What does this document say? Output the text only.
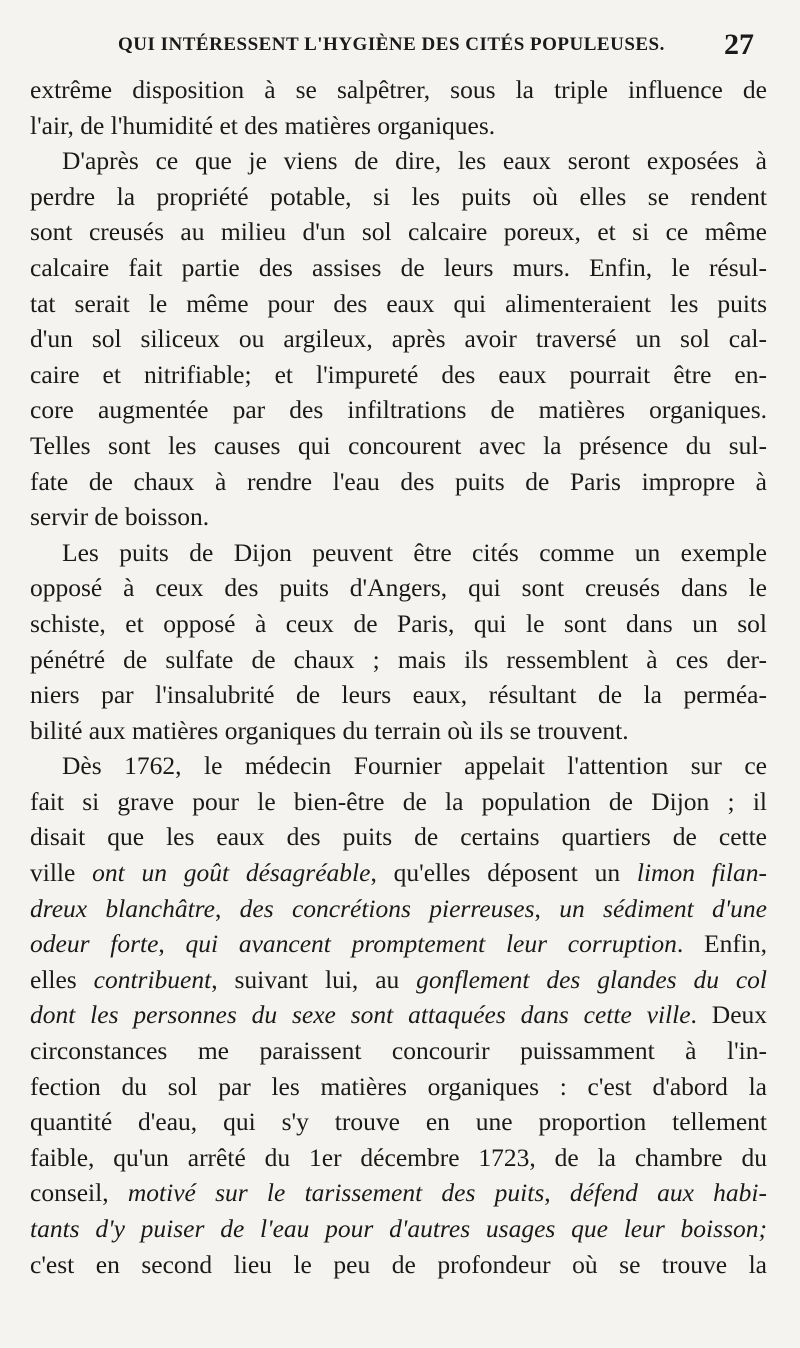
QUI INTÉRESSENT L'HYGIÈNE DES CITÉS POPULEUSES. 27
extrême disposition à se salpêtrer, sous la triple influence de
l'air, de l'humidité et des matières organiques.
D'après ce que je viens de dire, les eaux seront exposées à
perdre la propriété potable, si les puits où elles se rendent
sont creusés au milieu d'un sol calcaire poreux, et si ce même
calcaire fait partie des assises de leurs murs. Enfin, le résul-
tat serait le même pour des eaux qui alimenteraient les puits
d'un sol siliceux ou argileux, après avoir traversé un sol cal-
caire et nitrifiable; et l'impureté des eaux pourrait être en-
core augmentée par des infiltrations de matières organiques.
Telles sont les causes qui concourent avec la présence du sul-
fate de chaux à rendre l'eau des puits de Paris impropre à
servir de boisson.
Les puits de Dijon peuvent être cités comme un exemple
opposé à ceux des puits d'Angers, qui sont creusés dans le
schiste, et opposé à ceux de Paris, qui le sont dans un sol
pénétré de sulfate de chaux ; mais ils ressemblent à ces der-
niers par l'insalubrité de leurs eaux, résultant de la perméa-
bilité aux matières organiques du terrain où ils se trouvent.
Dès 1762, le médecin Fournier appelait l'attention sur ce
fait si grave pour le bien-être de la population de Dijon ; il
disait que les eaux des puits de certains quartiers de cette
ville ont un goût désagréable, qu'elles déposent un limon filan-
dreux blanchâtre, des concrétions pierreuses, un sédiment d'une
odeur forte, qui avancent promptement leur corruption. Enfin,
elles contribuent, suivant lui, au gonflement des glandes du col
dont les personnes du sexe sont attaquées dans cette ville. Deux
circonstances me paraissent concourir puissamment à l'in-
fection du sol par les matières organiques : c'est d'abord la
quantité d'eau, qui s'y trouve en une proportion tellement
faible, qu'un arrêté du 1er décembre 1723, de la chambre du
conseil, motivé sur le tarissement des puits, défend aux habi-
tants d'y puiser de l'eau pour d'autres usages que leur boisson;
c'est en second lieu le peu de profondeur où se trouve la
